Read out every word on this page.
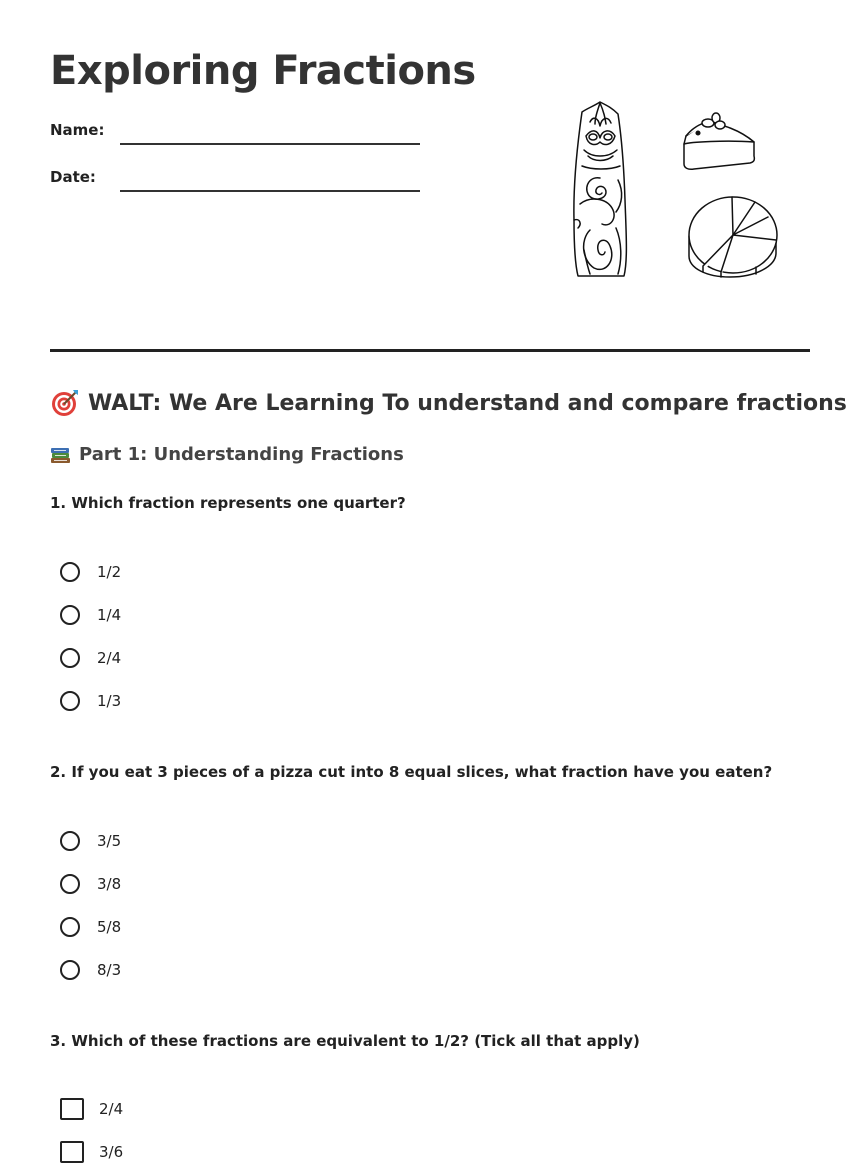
Exploring Fractions
Name:
Date:
WALT: We Are Learning To understand and compare fractions
Part 1: Understanding Fractions
1. Which fraction represents one quarter?
1/2
1/4
2/4
1/3
2. If you eat 3 pieces of a pizza cut into 8 equal slices, what fraction have you eaten?
3/5
3/8
5/8
8/3
3. Which of these fractions are equivalent to 1/2? (Tick all that apply)
2/4
3/6
